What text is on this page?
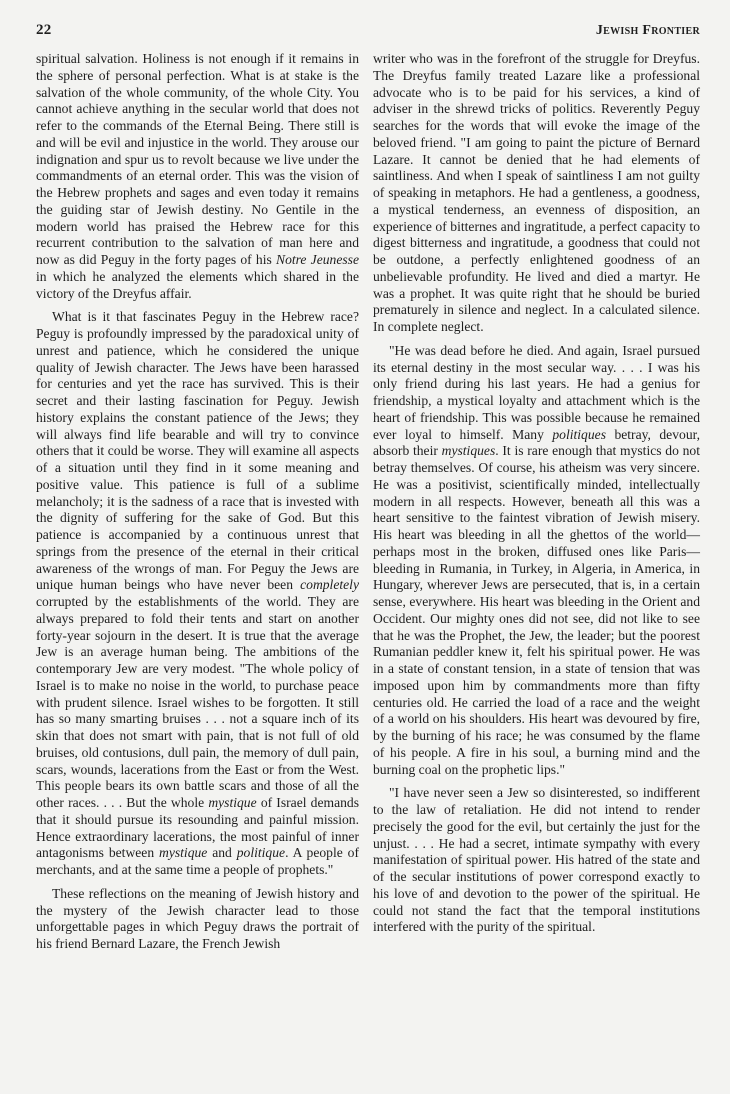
22	Jewish Frontier

spiritual salvation. Holiness is not enough if it remains in the sphere of personal perfection. What is at stake is the salvation of the whole community, of the whole City. You cannot achieve anything in the secular world that does not refer to the commands of the Eternal Being. There still is and will be evil and injustice in the world. They arouse our indignation and spur us to revolt because we live under the commandments of an eternal order. This was the vision of the Hebrew prophets and sages and even today it remains the guiding star of Jewish destiny. No Gentile in the modern world has praised the Hebrew race for this recurrent contribution to the salvation of man here and now as did Peguy in the forty pages of his Notre Jeunesse in which he analyzed the elements which shared in the victory of the Dreyfus affair.

What is it that fascinates Peguy in the Hebrew race? Peguy is profoundly impressed by the paradoxical unity of unrest and patience, which he considered the unique quality of Jewish character. The Jews have been harassed for centuries and yet the race has survived. This is their secret and their lasting fascination for Peguy. Jewish history explains the constant patience of the Jews; they will always find life bearable and will try to convince others that it could be worse. They will examine all aspects of a situation until they find in it some meaning and positive value. This patience is full of a sublime melancholy; it is the sadness of a race that is invested with the dignity of suffering for the sake of God. But this patience is accompanied by a continuous unrest that springs from the presence of the eternal in their critical awareness of the wrongs of man. For Peguy the Jews are unique human beings who have never been completely corrupted by the establishments of the world. They are always prepared to fold their tents and start on another forty-year sojourn in the desert. It is true that the average Jew is an average human being. The ambitions of the contemporary Jew are very modest. "The whole policy of Israel is to make no noise in the world, to purchase peace with prudent silence. Israel wishes to be forgotten. It still has so many smarting bruises . . . not a square inch of its skin that does not smart with pain, that is not full of old bruises, old contusions, dull pain, the memory of dull pain, scars, wounds, lacerations from the East or from the West. This people bears its own battle scars and those of all the other races. . . . But the whole mystique of Israel demands that it should pursue its resounding and painful mission. Hence extraordinary lacerations, the most painful of inner antagonisms between mystique and politique. A people of merchants, and at the same time a people of prophets."

These reflections on the meaning of Jewish history and the mystery of the Jewish character lead to those unforgettable pages in which Peguy draws the portrait of his friend Bernard Lazare, the French Jewish

writer who was in the forefront of the struggle for Dreyfus. The Dreyfus family treated Lazare like a professional advocate who is to be paid for his services, a kind of adviser in the shrewd tricks of politics. Reverently Peguy searches for the words that will evoke the image of the beloved friend. "I am going to paint the picture of Bernard Lazare. It cannot be denied that he had elements of saintliness. And when I speak of saintliness I am not guilty of speaking in metaphors. He had a gentleness, a goodness, a mystical tenderness, an evenness of disposition, an experience of bitternes and ingratitude, a perfect capacity to digest bitterness and ingratitude, a goodness that could not be outdone, a perfectly enlightened goodness of an unbelievable profundity. He lived and died a martyr. He was a prophet. It was quite right that he should be buried prematurely in silence and neglect. In a calculated silence. In complete neglect.

"He was dead before he died. And again, Israel pursued its eternal destiny in the most secular way. . . . I was his only friend during his last years. He had a genius for friendship, a mystical loyalty and attachment which is the heart of friendship. This was possible because he remained ever loyal to himself. Many politiques betray, devour, absorb their mystiques. It is rare enough that mystics do not betray themselves. Of course, his atheism was very sincere. He was a positivist, scientifically minded, intellectually modern in all respects. However, beneath all this was a heart sensitive to the faintest vibration of Jewish misery. His heart was bleeding in all the ghettos of the world—perhaps most in the broken, diffused ones like Paris—bleeding in Rumania, in Turkey, in Algeria, in America, in Hungary, wherever Jews are persecuted, that is, in a certain sense, everywhere. His heart was bleeding in the Orient and Occident. Our mighty ones did not see, did not like to see that he was the Prophet, the Jew, the leader; but the poorest Rumanian peddler knew it, felt his spiritual power. He was in a state of constant tension, in a state of tension that was imposed upon him by commandments more than fifty centuries old. He carried the load of a race and the weight of a world on his shoulders. His heart was devoured by fire, by the burning of his race; he was consumed by the flame of his people. A fire in his soul, a burning mind and the burning coal on the prophetic lips."

"I have never seen a Jew so disinterested, so indifferent to the law of retaliation. He did not intend to render precisely the good for the evil, but certainly the just for the unjust. . . . He had a secret, intimate sympathy with every manifestation of spiritual power. His hatred of the state and of the secular institutions of power correspond exactly to his love of and devotion to the power of the spiritual. He could not stand the fact that the temporal institutions interfered with the purity of the spiritual.
